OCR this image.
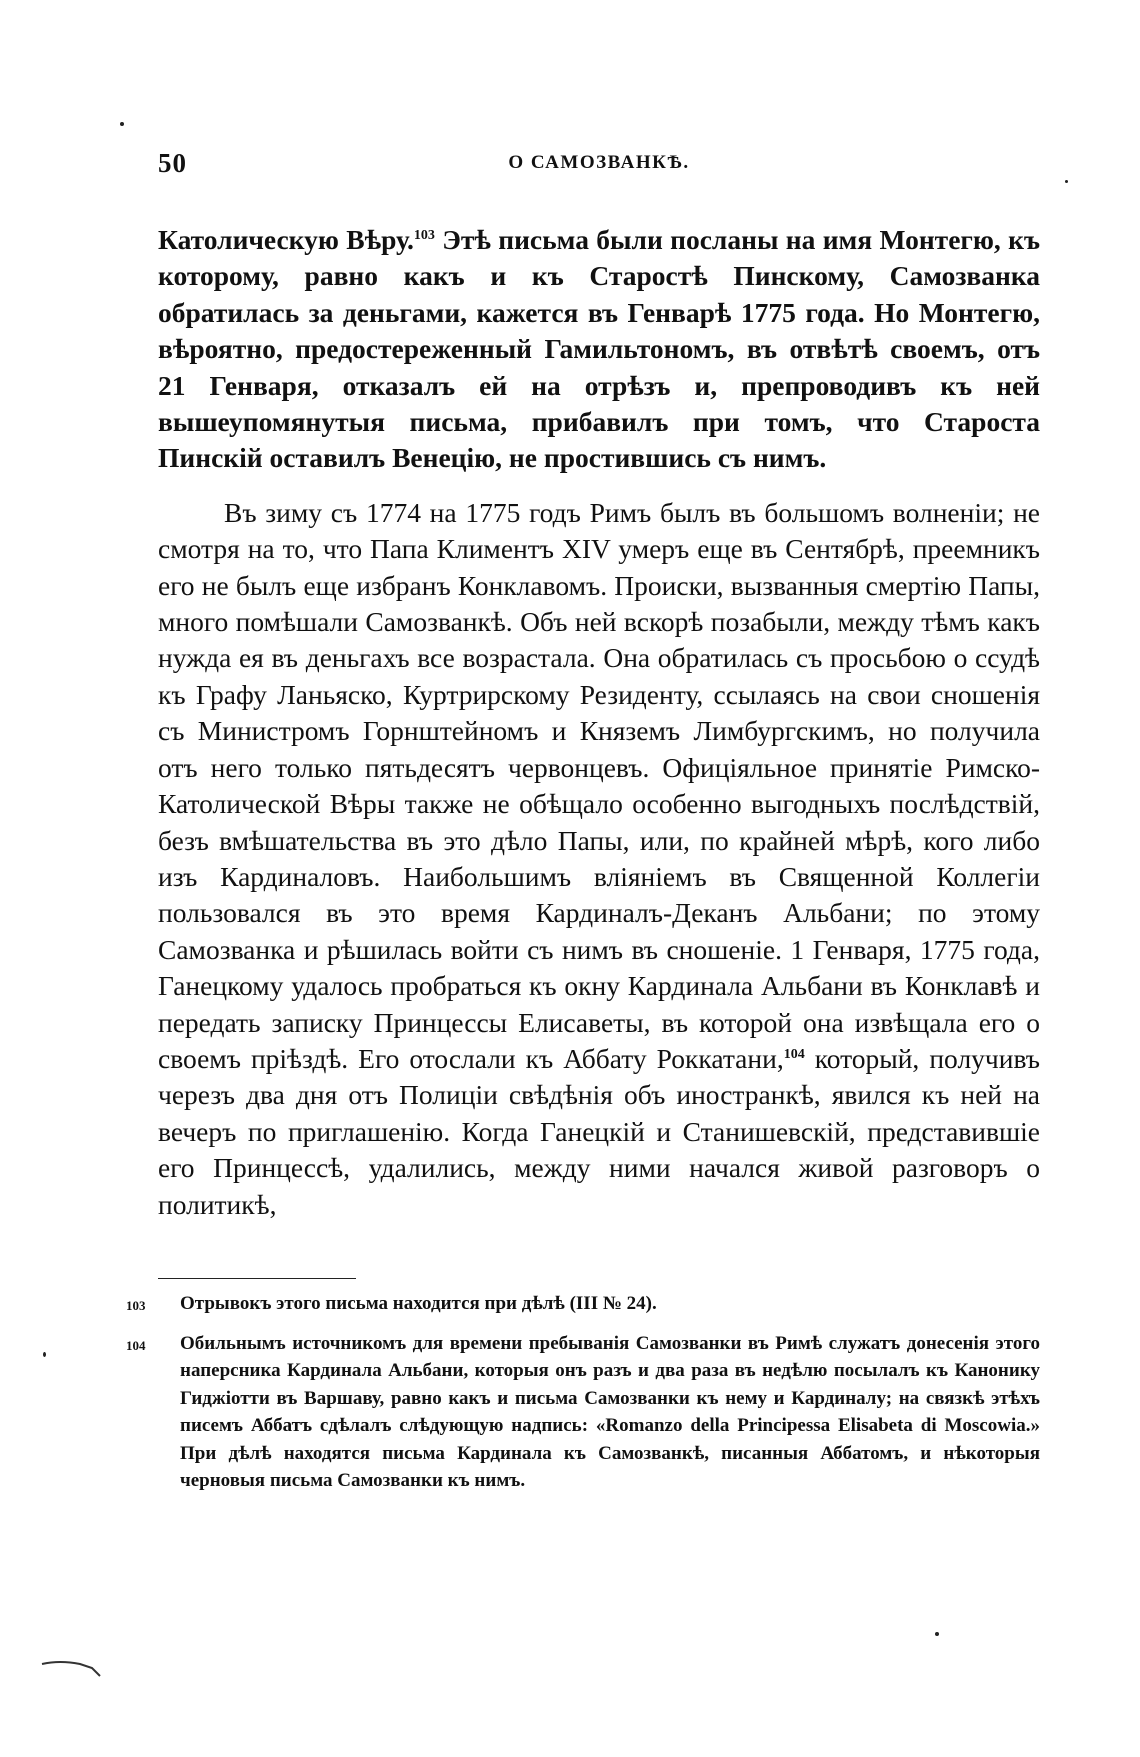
50	О САМОЗВАНКѢ.

Католическую Вѣру.$^{103}$ Этѣ письма были посланы на имя Монтегю, къ которому, равно какъ и къ Старостѣ Пинскому, Самозванка обратилась за деньгами, кажется въ Генварѣ 1775 года. Но Монтегю, вѣроятно, предостереженный Гамильтономъ, въ отвѣтѣ своемъ, отъ 21 Генваря, отказалъ ей на отрѣзъ и, препроводивъ къ ней вышеупомянутыя письма, прибавилъ при томъ, что Староста Пинскій оставилъ Венецію, не простившись съ нимъ.

Въ зиму съ 1774 на 1775 годъ Римъ былъ въ большомъ волненіи; не смотря на то, что Папа Климентъ XIV умеръ еще въ Сентябрѣ, преемникъ его не былъ еще избранъ Конклавомъ. Происки, вызванныя смертію Папы, много помѣшали Самозванкѣ. Объ ней вскорѣ позабыли, между тѣмъ какъ нужда ея въ деньгахъ все возрастала. Она обратилась съ просьбою о ссудѣ къ Графу Ланьяско, Куртрирскому Резиденту, ссылаясь на свои сношенія съ Министромъ Горнштейномъ и Княземъ Лимбургскимъ, но получила отъ него только пятьдесятъ червонцевъ. Офиціяльное принятіе Римско-Католической Вѣры также не обѣщало особенно выгодныхъ послѣдствій, безъ вмѣшательства въ это дѣло Папы, или, по крайней мѣрѣ, кого либо изъ Кардиналовъ. Наибольшимъ вліяніемъ въ Священной Коллегіи пользовался въ это время Кардиналъ-Деканъ Альбани; по этому Самозванка и рѣшилась войти съ нимъ въ сношеніе. 1 Генваря, 1775 года, Ганецкому удалось пробраться къ окну Кардинала Альбани въ Конклавѣ и передать записку Принцессы Елисаветы, въ которой она извѣщала его о своемъ пріѣздѣ. Его отослали къ Аббату Роккатани,$^{104}$ который, получивъ черезъ два дня отъ Полиціи свѣдѣнія объ иностранкѣ, явился къ ней на вечеръ по приглашенію. Когда Ганецкій и Станишевскій, представившіе его Принцессѣ, удалились, между ними начался живой разговоръ о политикѣ,

103	Отрывокъ этого письма находится при дѣлѣ (III № 24).

104	Обильнымъ источникомъ для времени пребыванія Самозванки въ Римѣ служатъ донесенія этого наперсника Кардинала Альбани, которыя онъ разъ и два раза въ недѣлю посылалъ къ Канонику Гиджіотти въ Варшаву, равно какъ и письма Самозванки къ нему и Кардиналу; на связкѣ этѣхъ писемъ Аббатъ сдѣлалъ слѣдующую надпись: «Romanzo della Principessa Elisabeta di Moscowia.» При дѣлѣ находятся письма Кардинала къ Самозванкѣ, писанныя Аббатомъ, и нѣкоторыя черновыя письма Самозванки къ нимъ.
